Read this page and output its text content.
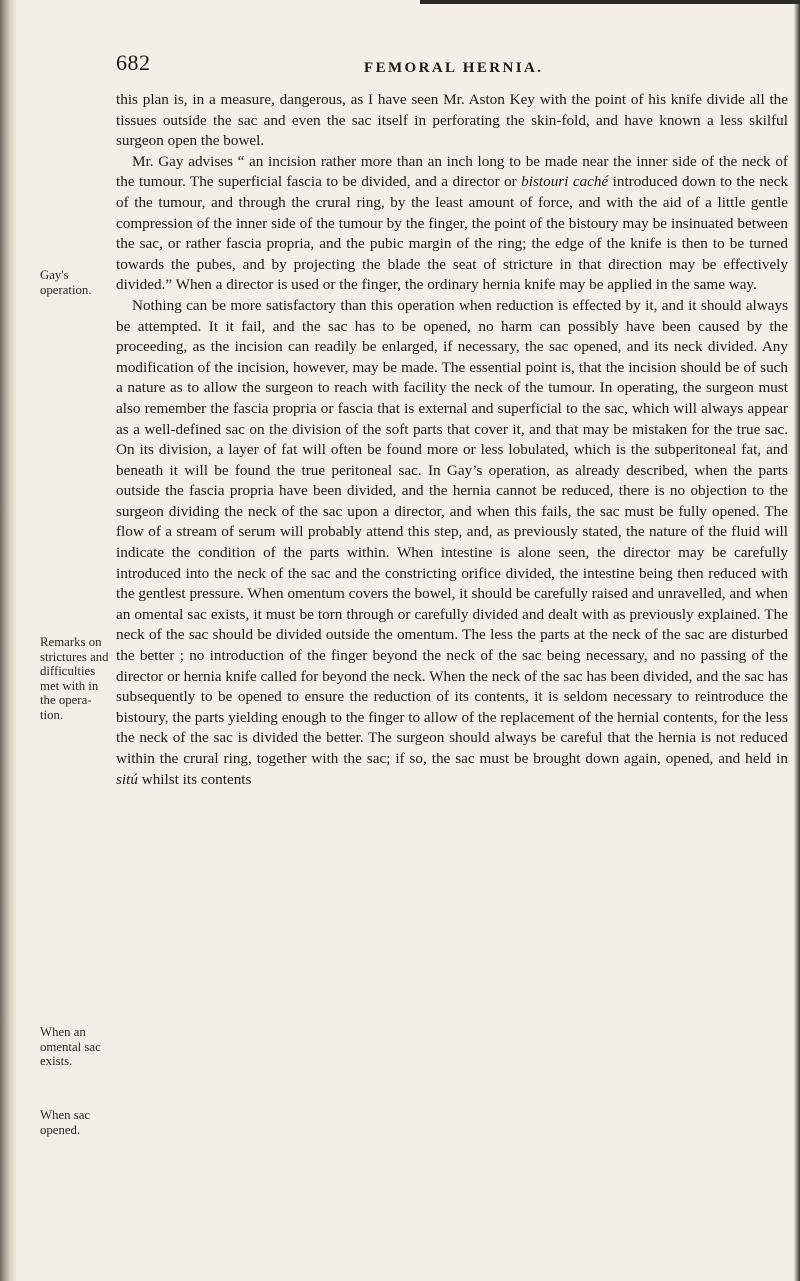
682	FEMORAL HERNIA.
Gay's operation.
Remarks on strictures and difficulties met with in the opera- tion.
When an omental sac exists.
When sac opened.

this plan is, in a measure, dangerous, as I have seen Mr. Aston Key with the point of his knife divide all the tissues outside the sac and even the sac itself in perforating the skin-fold, and have known a less skilful surgeon open the bowel.

Mr. Gay advises “ an incision rather more than an inch long to be made near the inner side of the neck of the tumour. The superficial fascia to be divided, and a director or bistouri caché introduced down to the neck of the tumour, and through the crural ring, by the least amount of force, and with the aid of a little gentle compression of the inner side of the tumour by the finger, the point of the bistoury may be insinuated between the sac, or rather fascia propria, and the pubic margin of the ring; the edge of the knife is then to be turned towards the pubes, and by projecting the blade the seat of stricture in that direction may be effectively divided.” When a director is used or the finger, the ordinary hernia knife may be applied in the same way.

Nothing can be more satisfactory than this operation when reduction is effected by it, and it should always be attempted. It it fail, and the sac has to be opened, no harm can possibly have been caused by the proceeding, as the incision can readily be enlarged, if necessary, the sac opened, and its neck divided. Any modification of the incision, however, may be made. The essential point is, that the incision should be of such a nature as to allow the surgeon to reach with facility the neck of the tumour. In operating, the surgeon must also remember the fascia propria or fascia that is external and superficial to the sac, which will always appear as a well-defined sac on the division of the soft parts that cover it, and that may be mistaken for the true sac. On its division, a layer of fat will often be found more or less lobulated, which is the subperitoneal fat, and beneath it will be found the true peritoneal sac. In Gay’s operation, as already described, when the parts outside the fascia propria have been divided, and the hernia cannot be reduced, there is no objection to the surgeon dividing the neck of the sac upon a director, and when this fails, the sac must be fully opened. The flow of a stream of serum will probably attend this step, and, as previously stated, the nature of the fluid will indicate the condition of the parts within. When intestine is alone seen, the director may be carefully introduced into the neck of the sac and the constricting orifice divided, the intestine being then reduced with the gentlest pressure. When omentum covers the bowel, it should be carefully raised and unravelled, and when an omental sac exists, it must be torn through or carefully divided and dealt with as previously explained. The neck of the sac should be divided outside the omentum. The less the parts at the neck of the sac are disturbed the better ; no introduction of the finger beyond the neck of the sac being necessary, and no passing of the director or hernia knife called for beyond the neck. When the neck of the sac has been divided, and the sac has subsequently to be opened to ensure the reduction of its contents, it is seldom necessary to reintroduce the bistoury, the parts yielding enough to the finger to allow of the replacement of the hernial contents, for the less the neck of the sac is divided the better. The surgeon should always be careful that the hernia is not reduced within the crural ring, together with the sac; if so, the sac must be brought down again, opened, and held in sitú whilst its contents
